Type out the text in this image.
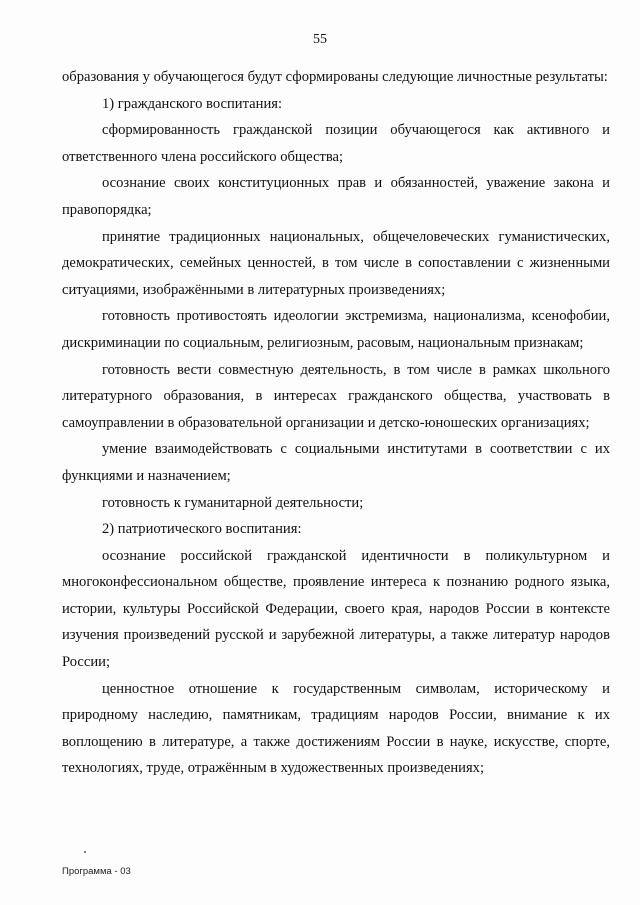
55

образования у обучающегося будут сформированы следующие личностные результаты:

1) гражданского воспитания:

сформированность гражданской позиции обучающегося как активного и ответственного члена российского общества;

осознание своих конституционных прав и обязанностей, уважение закона и правопорядка;

принятие традиционных национальных, общечеловеческих гуманистических, демократических, семейных ценностей, в том числе в сопоставлении с жизненными ситуациями, изображёнными в литературных произведениях;

готовность противостоять идеологии экстремизма, национализма, ксенофобии, дискриминации по социальным, религиозным, расовым, национальным признакам;

готовность вести совместную деятельность, в том числе в рамках школьного литературного образования, в интересах гражданского общества, участвовать в самоуправлении в образовательной организации и детско-юношеских организациях;

умение взаимодействовать с социальными институтами в соответствии с их функциями и назначением;

готовность к гуманитарной деятельности;

2) патриотического воспитания:

осознание российской гражданской идентичности в поликультурном и многоконфессиональном обществе, проявление интереса к познанию родного языка, истории, культуры Российской Федерации, своего края, народов России в контексте изучения произведений русской и зарубежной литературы, а также литератур народов России;

ценностное отношение к государственным символам, историческому и природному наследию, памятникам, традициям народов России, внимание к их воплощению в литературе, а также достижениям России в науке, искусстве, спорте, технологиях, труде, отражённым в художественных произведениях;

Программа - 03
